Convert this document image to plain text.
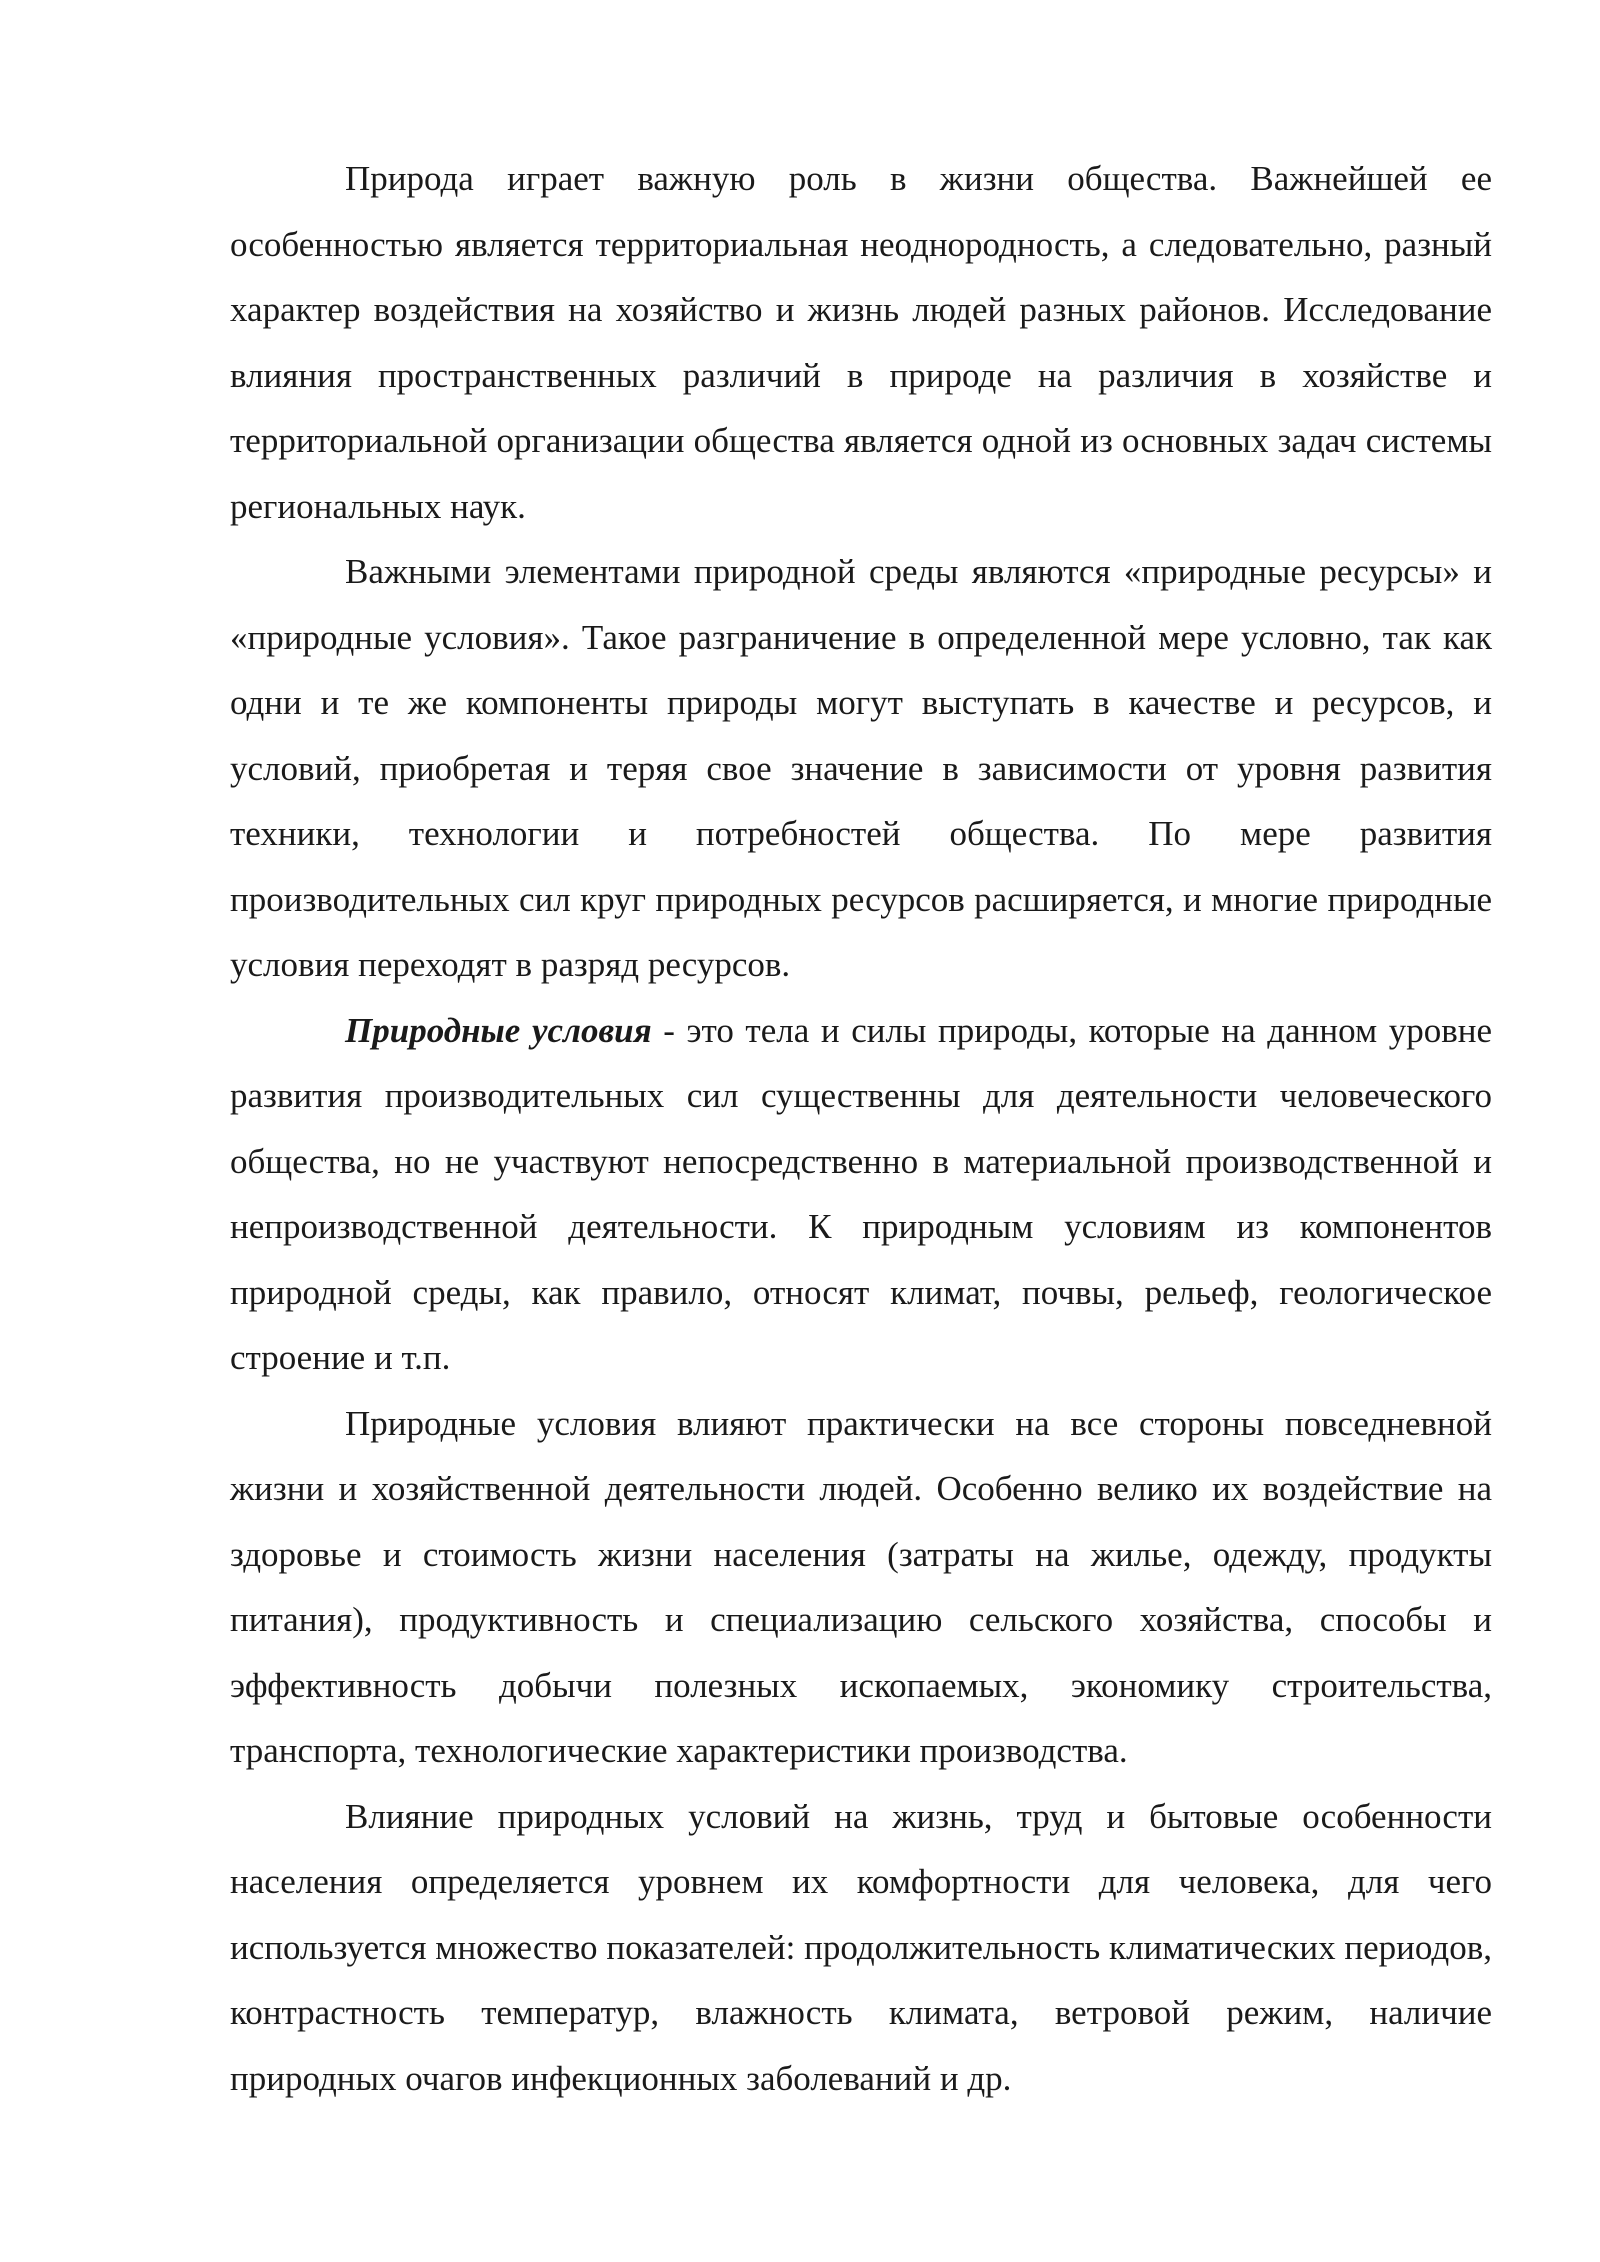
Природа играет важную роль в жизни общества. Важнейшей ее особенностью является территориальная неоднородность, а следовательно, разный характер воздействия на хозяйство и жизнь людей разных районов. Исследование влияния пространственных различий в природе на различия в хозяйстве и территориальной организации общества является одной из основных задач системы региональных наук.

Важными элементами природной среды являются «природные ресурсы» и «природные условия». Такое разграничение в определенной мере условно, так как одни и те же компоненты природы могут выступать в качестве и ресурсов, и условий, приобретая и теряя свое значение в зависимости от уровня развития техники, технологии и потребностей общества. По мере развития производительных сил круг природных ресурсов расширяется, и многие природные условия переходят в разряд ресурсов.

Природные условия - это тела и силы природы, которые на данном уровне развития производительных сил существенны для деятельности человеческого общества, но не участвуют непосредственно в материальной производственной и непроизводственной деятельности. К природным условиям из компонентов природной среды, как правило, относят климат, почвы, рельеф, геологическое строение и т.п.

Природные условия влияют практически на все стороны повседневной жизни и хозяйственной деятельности людей. Особенно велико их воздействие на здоровье и стоимость жизни населения (затраты на жилье, одежду, продукты питания), продуктивность и специализацию сельского хозяйства, способы и эффективность добычи полезных ископаемых, экономику строительства, транспорта, технологические характеристики производства.

Влияние природных условий на жизнь, труд и бытовые особенности населения определяется уровнем их комфортности для человека, для чего используется множество показателей: продолжительность климатических периодов, контрастность температур, влажность климата, ветровой режим, наличие природных очагов инфекционных заболеваний и др.
